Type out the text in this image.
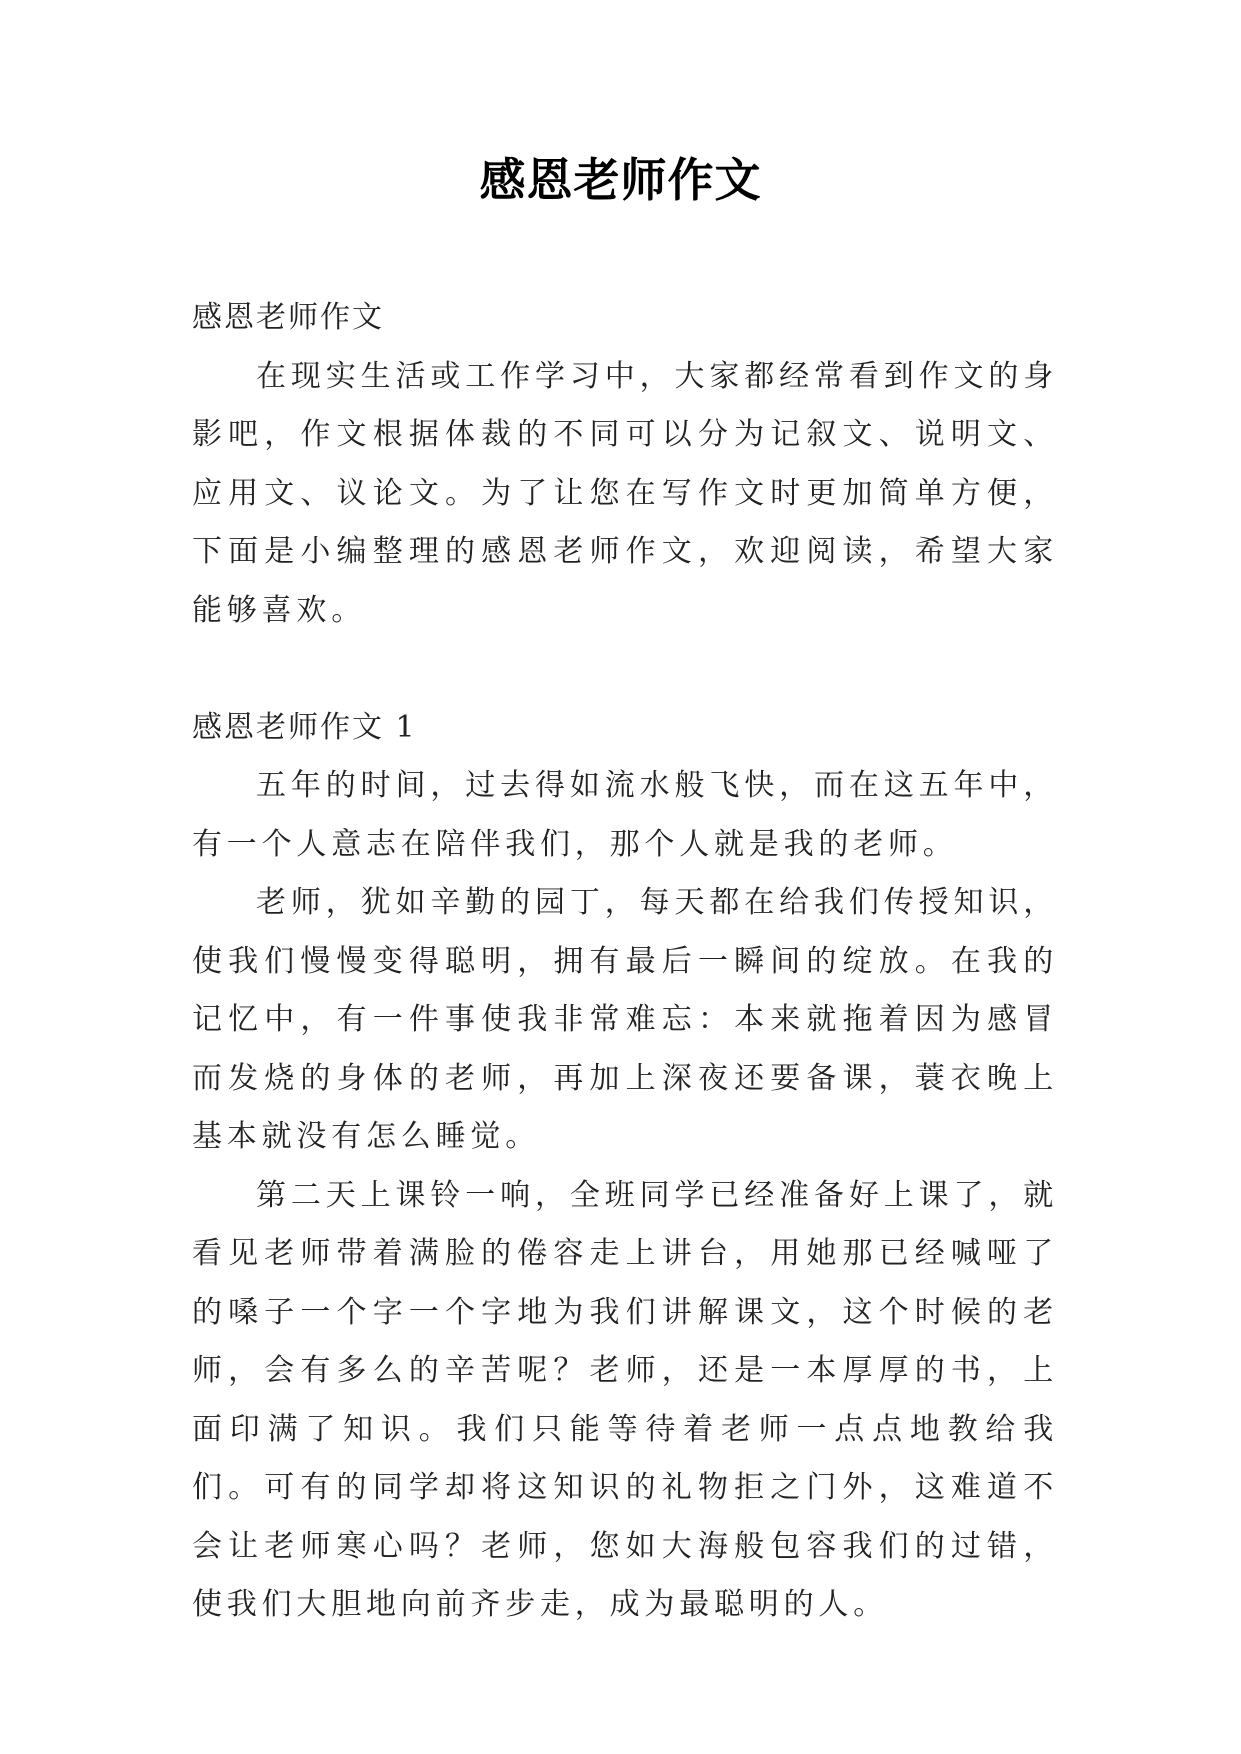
感恩老师作文

感恩老师作文

在现实生活或工作学习中，大家都经常看到作文的身影吧，作文根据体裁的不同可以分为记叙文、说明文、应用文、议论文。为了让您在写作文时更加简单方便，下面是小编整理的感恩老师作文，欢迎阅读，希望大家能够喜欢。

感恩老师作文 1

五年的时间，过去得如流水般飞快，而在这五年中，有一个人意志在陪伴我们，那个人就是我的老师。

老师，犹如辛勤的园丁，每天都在给我们传授知识，使我们慢慢变得聪明，拥有最后一瞬间的绽放。在我的记忆中，有一件事使我非常难忘：本来就拖着因为感冒而发烧的身体的老师，再加上深夜还要备课，蓑衣晚上基本就没有怎么睡觉。

第二天上课铃一响，全班同学已经准备好上课了，就看见老师带着满脸的倦容走上讲台，用她那已经喊哑了的嗓子一个字一个字地为我们讲解课文，这个时候的老师，会有多么的辛苦呢？老师，还是一本厚厚的书，上面印满了知识。我们只能等待着老师一点点地教给我们。可有的同学却将这知识的礼物拒之门外，这难道不会让老师寒心吗？老师，您如大海般包容我们的过错，使我们大胆地向前齐步走，成为最聪明的人。
